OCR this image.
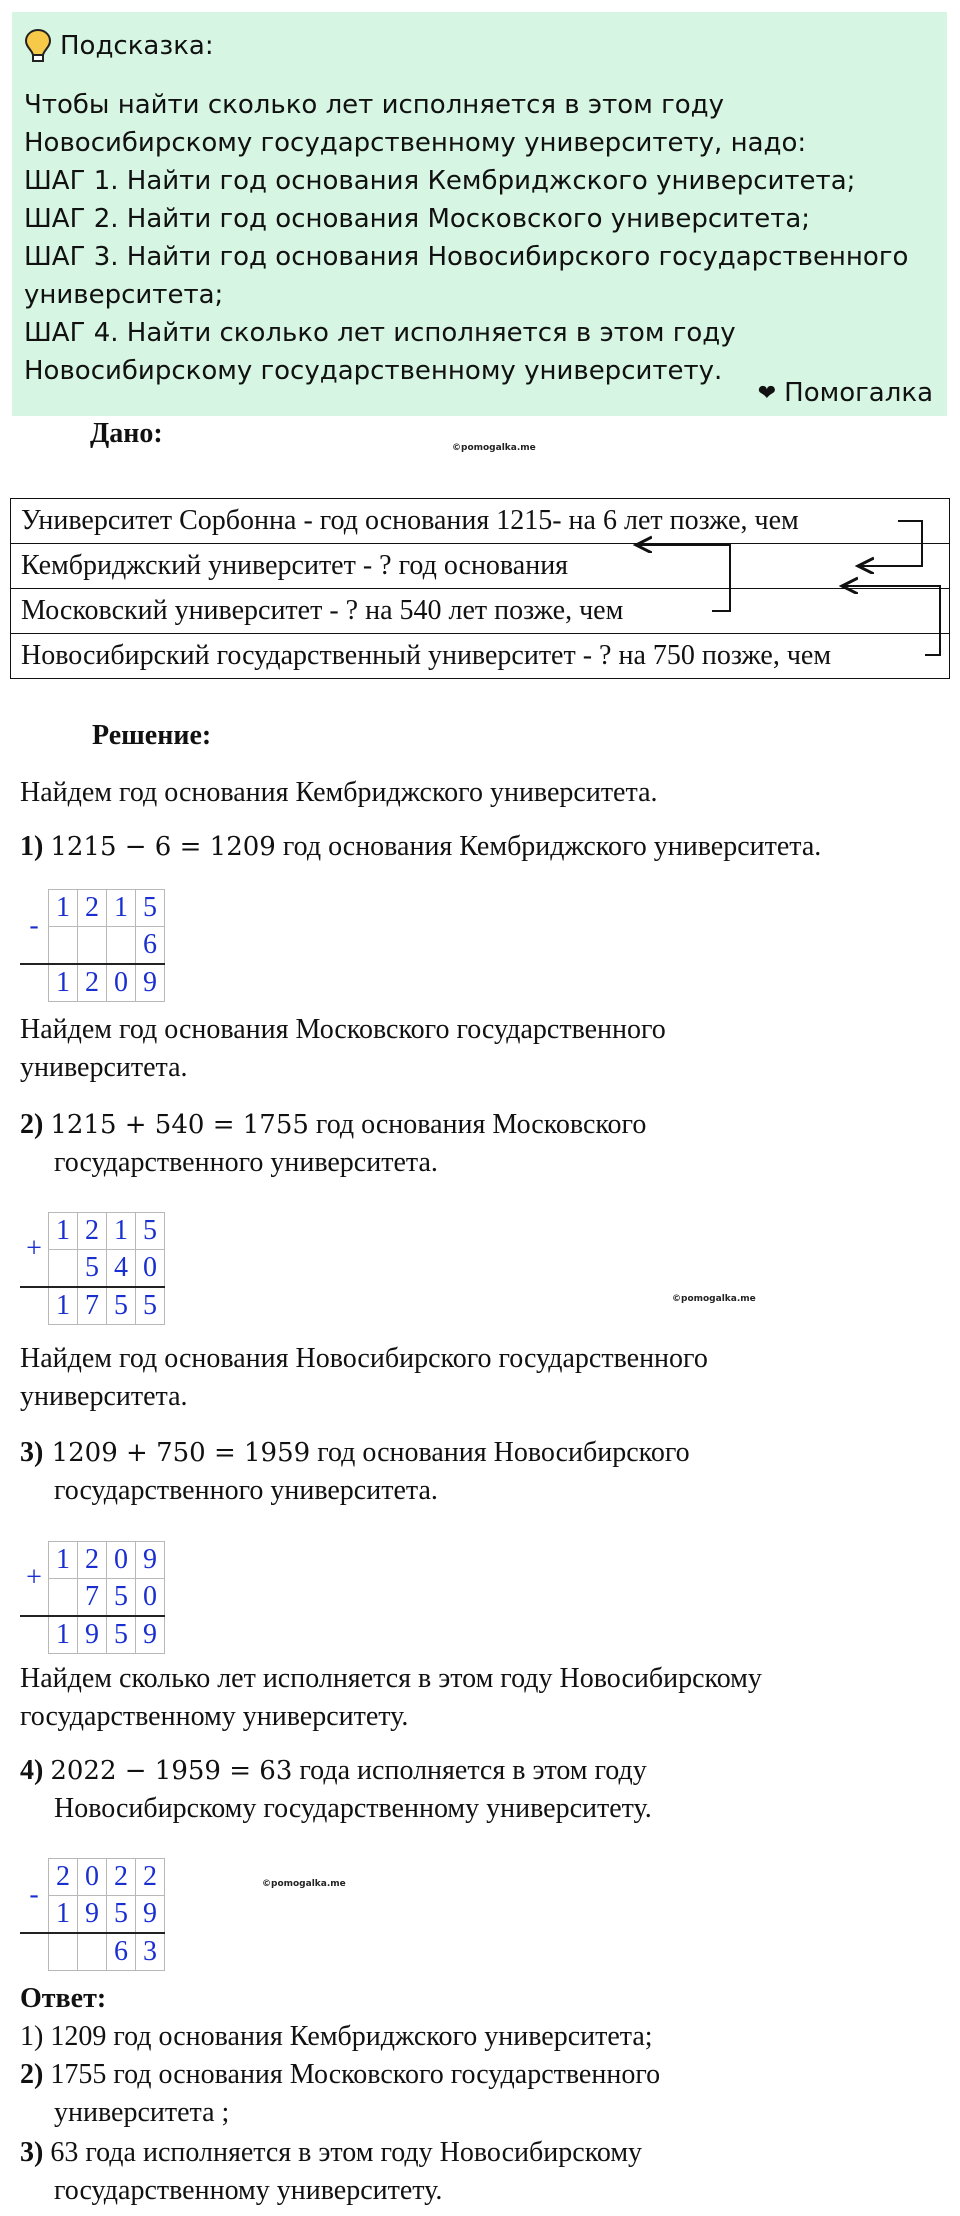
Подсказка:

Чтобы найти сколько лет исполняется в этом году Новосибирскому государственному университету, надо:

ШАГ 1. Найти год основания Кембриджского университета;

ШАГ 2. Найти год основания Московского университета;

ШАГ 3. Найти год основания Новосибирского государственного университета;

ШАГ 4. Найти сколько лет исполняется в этом году Новосибирскому государственному университету.

❤ Помогалка
Дано:	©pomogalka.me
Университет Сорбонна - год основания 1215- на 6 лет позже, чем
Кембриджский университет - ? год основания
Московский университет - ? на 540 лет позже, чем
Новосибирский государственный университет - ? на 750 позже, чем
Решение:
Найдем год основания Кембриджского университета.
1) 1215 − 6 = 1209 год основания Кембриджского университета.
-	1	2	1	5
				6
	1	2	0	9
Найдем год основания Московского государственного
университета.
2) 1215 + 540 = 1755 год основания Московского
государственного университета.
+	1	2	1	5
		5	4	0
	1	7	5	5	©pomogalka.me
Найдем год основания Новосибирского государственного
университета.
3) 1209 + 750 = 1959 год основания Новосибирского
государственного университета.
+	1	2	0	9
		7	5	0
	1	9	5	9
Найдем сколько лет исполняется в этом году Новосибирскому
государственному университету.
4) 2022 − 1959 = 63 года исполняется в этом году
Новосибирскому государственному университету.
-	2	0	2	2
	1	9	5	9
			6	3
©pomogalka.me
Ответ:
1) 1209 год основания Кембриджского университета;
2) 1755 год основания Московского государственного
университета ;
3) 63 года исполняется в этом году Новосибирскому
государственному университету.
